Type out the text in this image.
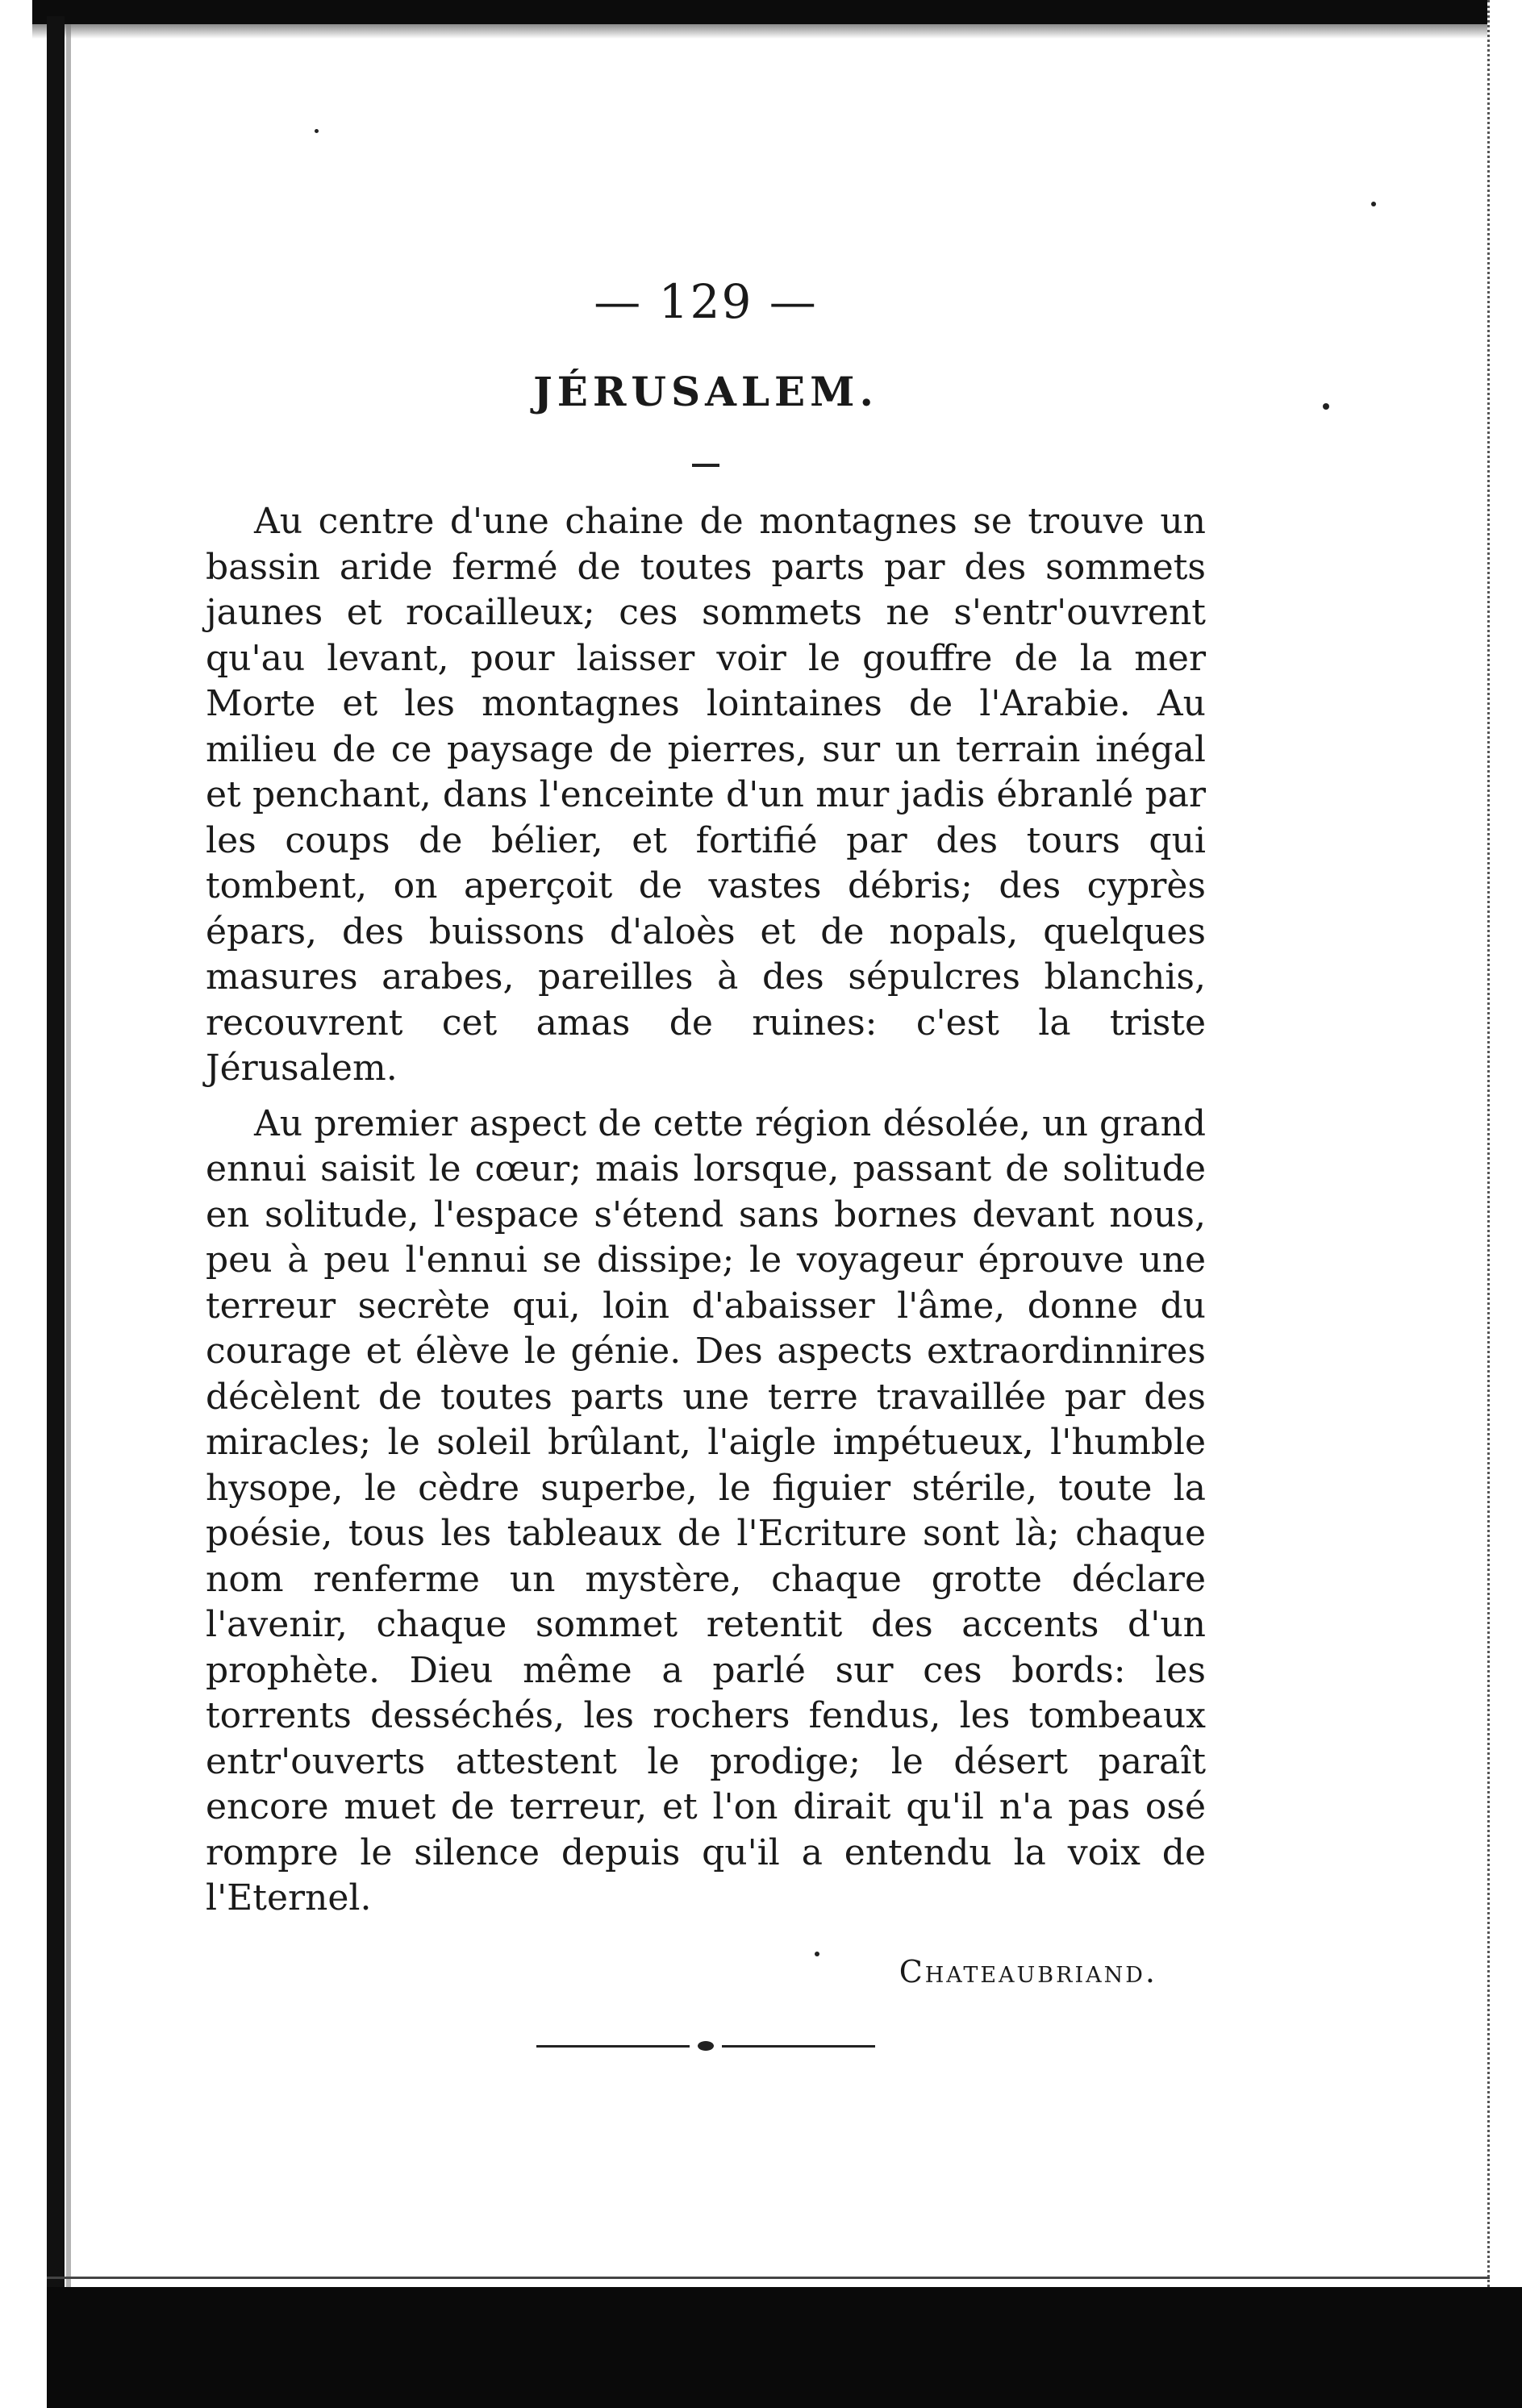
— 129 —
JÉRUSALEM.

Au centre d'une chaine de montagnes se trouve un bassin aride fermé de toutes parts par des sommets jaunes et rocailleux; ces sommets ne s'entr'ouvrent qu'au levant, pour laisser voir le gouffre de la mer Morte et les montagnes lointaines de l'Arabie. Au milieu de ce paysage de pierres, sur un terrain inégal et penchant, dans l'enceinte d'un mur jadis ébranlé par les coups de bélier, et fortifié par des tours qui tombent, on aperçoit de vastes débris; des cyprès épars, des buissons d'aloès et de nopals, quelques masures arabes, pareilles à des sépulcres blanchis, recouvrent cet amas de ruines: c'est la triste Jérusalem.

Au premier aspect de cette région désolée, un grand ennui saisit le cœur; mais lorsque, passant de solitude en solitude, l'espace s'étend sans bornes devant nous, peu à peu l'ennui se dissipe; le voyageur éprouve une terreur secrète qui, loin d'abaisser l'âme, donne du courage et élève le génie. Des aspects extraordinnires décèlent de toutes parts une terre travaillée par des miracles; le soleil brûlant, l'aigle impétueux, l'humble hysope, le cèdre superbe, le figuier stérile, toute la poésie, tous les tableaux de l'Ecriture sont là; chaque nom renferme un mystère, chaque grotte déclare l'avenir, chaque sommet retentit des accents d'un prophète. Dieu même a parlé sur ces bords: les torrents desséchés, les rochers fendus, les tombeaux entr'ouverts attestent le prodige; le désert paraît encore muet de terreur, et l'on dirait qu'il n'a pas osé rompre le silence depuis qu'il a entendu la voix de l'Eternel.

Chateaubriand.
